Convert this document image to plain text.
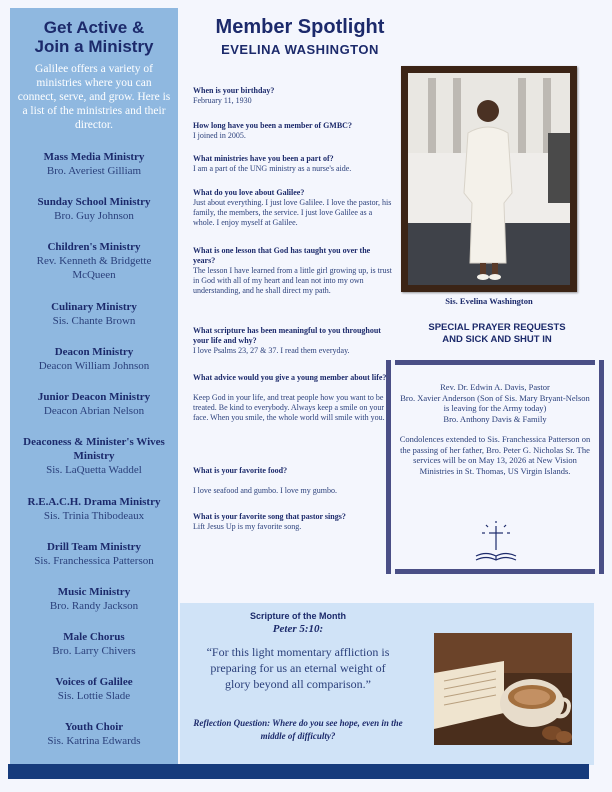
Get Active &
Join a Ministry
Galilee offers a variety of ministries where you can connect, serve, and grow. Here is a list of the ministries and their director.
Mass Media Ministry
Bro. Averiest Gilliam
Sunday School Ministry
Bro. Guy Johnson
Children's Ministry
Rev. Kenneth & Bridgette McQueen
Culinary Ministry
Sis. Chante Brown
Deacon Ministry
Deacon William Johnson
Junior Deacon Ministry
Deacon Abrian Nelson
Deaconess & Minister's Wives Ministry
Sis. LaQuetta Waddel
R.E.A.C.H. Drama Ministry
Sis. Trinia Thibodeaux
Drill Team Ministry
Sis. Franchessica Patterson
Music Ministry
Bro. Randy Jackson
Male Chorus
Bro. Larry Chivers
Voices of Galilee
Sis. Lottie Slade
Youth Choir
Sis. Katrina Edwards
Member Spotlight
EVELINA WASHINGTON
When is your birthday?
February 11, 1930
How long have you been a member of GMBC?
I joined in 2005.
What ministries have you been a part of?
I am a part of the UNG ministry as a nurse's aide.
What do you love about Galilee?
Just about everything. I just love Galilee. I love the pastor, his family, the members, the service. I just love Galilee as a whole. I enjoy myself at Galilee.
What is one lesson that God has taught you over the years?
The lesson I have learned from a little girl growing up, is trust in God with all of my heart and lean not into my own understanding, and he shall direct my path.
What scripture has been meaningful to you throughout your life and why?
I love Psalms 23, 27 & 37. I read them everyday.
What advice would you give a young member about life?
Keep God in your life, and treat people how you want to be treated. Be kind to everybody. Always keep a smile on your face. When you smile, the whole world will smile with you.
What is your favorite food?
I love seafood and gumbo. I love my gumbo.
What is your favorite song that pastor sings?
Lift Jesus Up is my favorite song.
Sis. Evelina Washington
SPECIAL PRAYER REQUESTS
AND SICK AND SHUT IN
Rev. Dr. Edwin A. Davis, Pastor
Bro. Xavier Anderson (Son of Sis. Mary Bryant-Nelson is leaving for the Army today)
Bro. Anthony Davis & Family
Condolences extended to Sis. Franchessica Patterson on the passing of her father, Bro. Peter G. Nicholas Sr. The services will be on May 13, 2026 at New Vision Ministries in St. Thomas, US Virgin Islands.
Scripture of the Month
Peter 5:10:
“For this light momentary affliction is preparing for us an eternal weight of glory beyond all comparison.”
Reflection Question: Where do you see hope, even in the middle of difficulty?
